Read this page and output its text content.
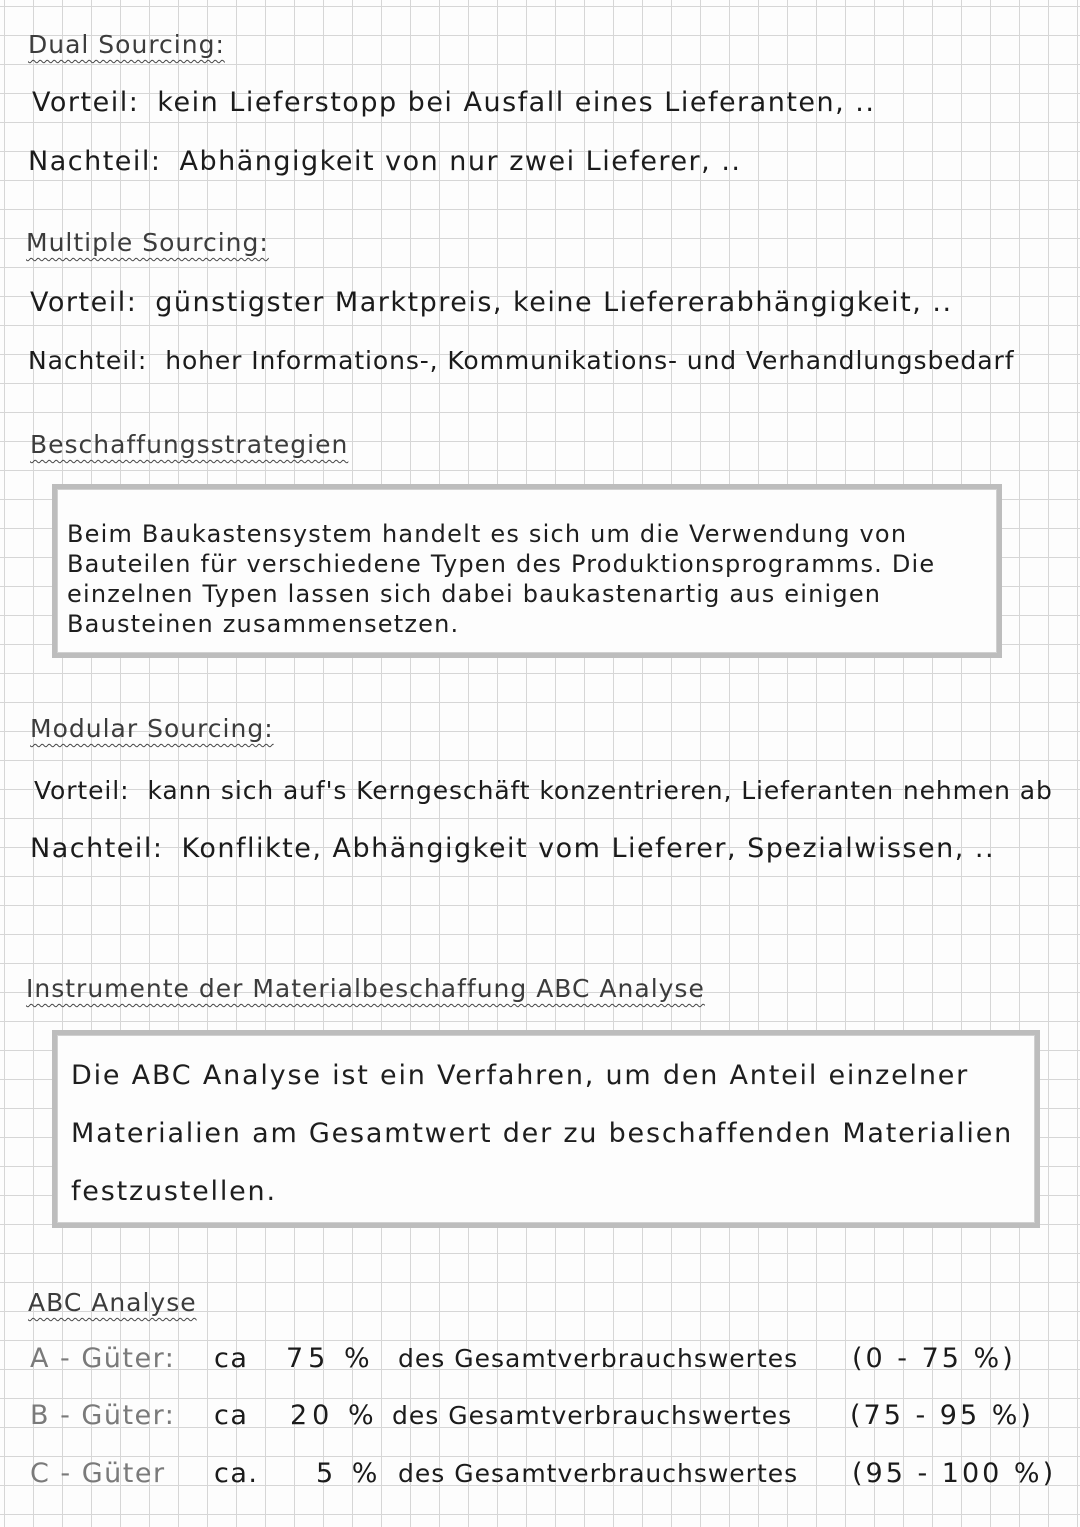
Dual Sourcing:
Vorteil: kein Lieferstopp bei Ausfall eines Lieferanten, ..
Nachteil: Abhängigkeit von nur zwei Lieferer, ..
Multiple Sourcing:
Vorteil: günstigster Marktpreis, keine Liefererabhängigkeit, ..
Nachteil: hoher Informations-, Kommunikations- und Verhandlungsbedarf
Beschaffungsstrategien
Beim Baukastensystem handelt es sich um die Verwendung von Bauteilen für verschiedene Typen des Produktionsprogramms. Die einzelnen Typen lassen sich dabei baukastenartig aus einigen Bausteinen zusammensetzen.
Modular Sourcing:
Vorteil: kann sich auf's Kerngeschäft konzentrieren, Lieferanten nehmen ab
Nachteil: Konflikte, Abhängigkeit vom Lieferer, Spezialwissen, ..
Instrumente der Materialbeschaffung ABC Analyse
Die ABC Analyse ist ein Verfahren, um den Anteil einzelner Materialien am Gesamtwert der zu beschaffenden Materialien festzustellen.
ABC Analyse
A - Güter: ca 75 % des Gesamtverbrauchswertes (0 - 75 %)
B - Güter: ca 20 % des Gesamtverbrauchswertes (75 - 95 %)
C - Güter ca. 5 % des Gesamtverbrauchswertes (95 - 100 %)
